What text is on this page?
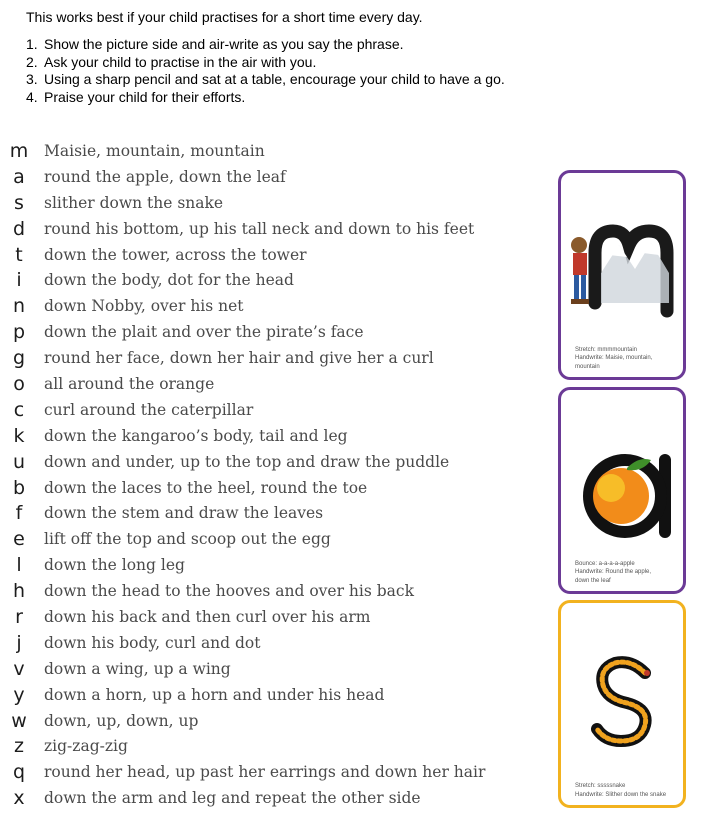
This works best if your child practises for a short time every day.
1. Show the picture side and air-write as you say the phrase.
2. Ask your child to practise in the air with you.
3. Using a sharp pencil and sat at a table, encourage your child to have a go.
4. Praise your child for their efforts.
m	Maisie, mountain, mountain
a	round the apple, down the leaf
s	slither down the snake
d	round his bottom, up his tall neck and down to his feet
t	down the tower, across the tower
i	down the body, dot for the head
n	down Nobby, over his net
p	down the plait and over the pirate’s face
g	round her face, down her hair and give her a curl
o	all around the orange
c	curl around the caterpillar
k	down the kangaroo’s body, tail and leg
u	down and under, up to the top and draw the puddle
b	down the laces to the heel, round the toe
f	down the stem and draw the leaves
e	lift off the top and scoop out the egg
l	down the long leg
h	down the head to the hooves and over his back
r	down his back and then curl over his arm
j	down his body, curl and dot
v	down a wing, up a wing
y	down a horn, up a horn and under his head
w	down, up, down, up
z	zig-zag-zig
q	round her head, up past her earrings and down her hair
x	down the arm and leg and repeat the other side
Stretch: mmmmountain
Handwrite: Maisie, mountain,
mountain
Bounce: a-a-a-a-apple
Handwrite: Round the apple,
down the leaf
Stretch: sssssnake
Handwrite: Slither down the snake
